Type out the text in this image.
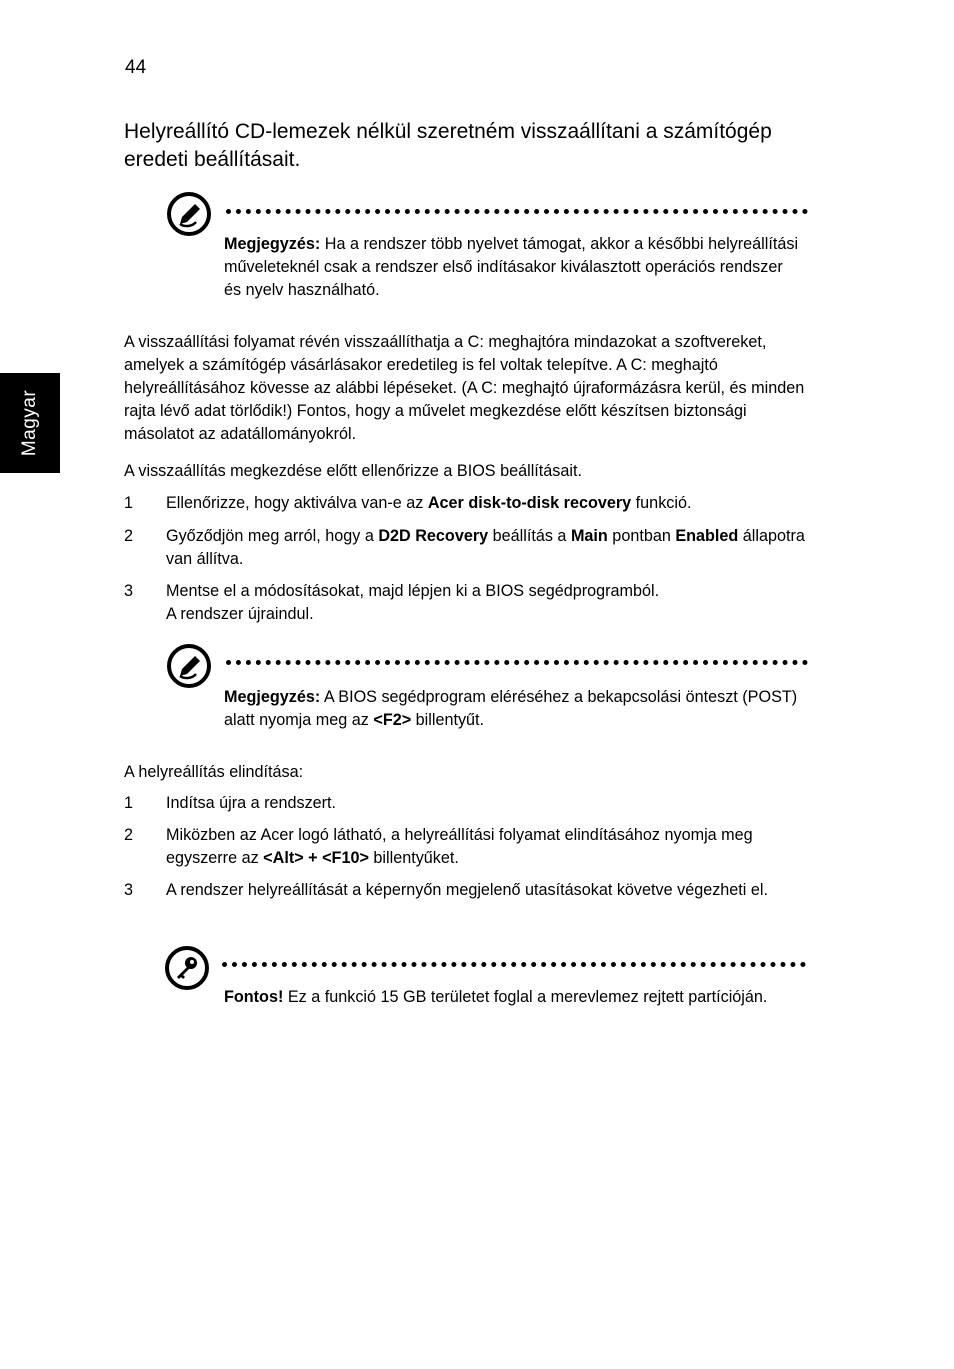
44
Helyreállító CD-lemezek nélkül szeretném visszaállítani a számítógép eredeti beállításait.
Magyar
Megjegyzés: Ha a rendszer több nyelvet támogat, akkor a későbbi helyreállítási műveleteknél csak a rendszer első indításakor kiválasztott operációs rendszer és nyelv használható.
A visszaállítási folyamat révén visszaállíthatja a C: meghajtóra mindazokat a szoftvereket, amelyek a számítógép vásárlásakor eredetileg is fel voltak telepítve. A C: meghajtó helyreállításához kövesse az alábbi lépéseket. (A C: meghajtó újraformázásra kerül, és minden rajta lévő adat törlődik!) Fontos, hogy a művelet megkezdése előtt készítsen biztonsági másolatot az adatállományokról.
A visszaállítás megkezdése előtt ellenőrizze a BIOS beállításait.
1 Ellenőrizze, hogy aktiválva van-e az Acer disk-to-disk recovery funkció.
2 Győződjön meg arról, hogy a D2D Recovery beállítás a Main pontban Enabled állapotra van állítva.
3 Mentse el a módosításokat, majd lépjen ki a BIOS segédprogramból.
A rendszer újraindul.
Megjegyzés: A BIOS segédprogram eléréséhez a bekapcsolási önteszt (POST) alatt nyomja meg az <F2> billentyűt.
A helyreállítás elindítása:
1 Indítsa újra a rendszert.
2 Miközben az Acer logó látható, a helyreállítási folyamat elindításához nyomja meg egyszerre az <Alt> + <F10> billentyűket.
3 A rendszer helyreállítását a képernyőn megjelenő utasításokat követve végezheti el.
Fontos! Ez a funkció 15 GB területet foglal a merevlemez rejtett partícióján.
